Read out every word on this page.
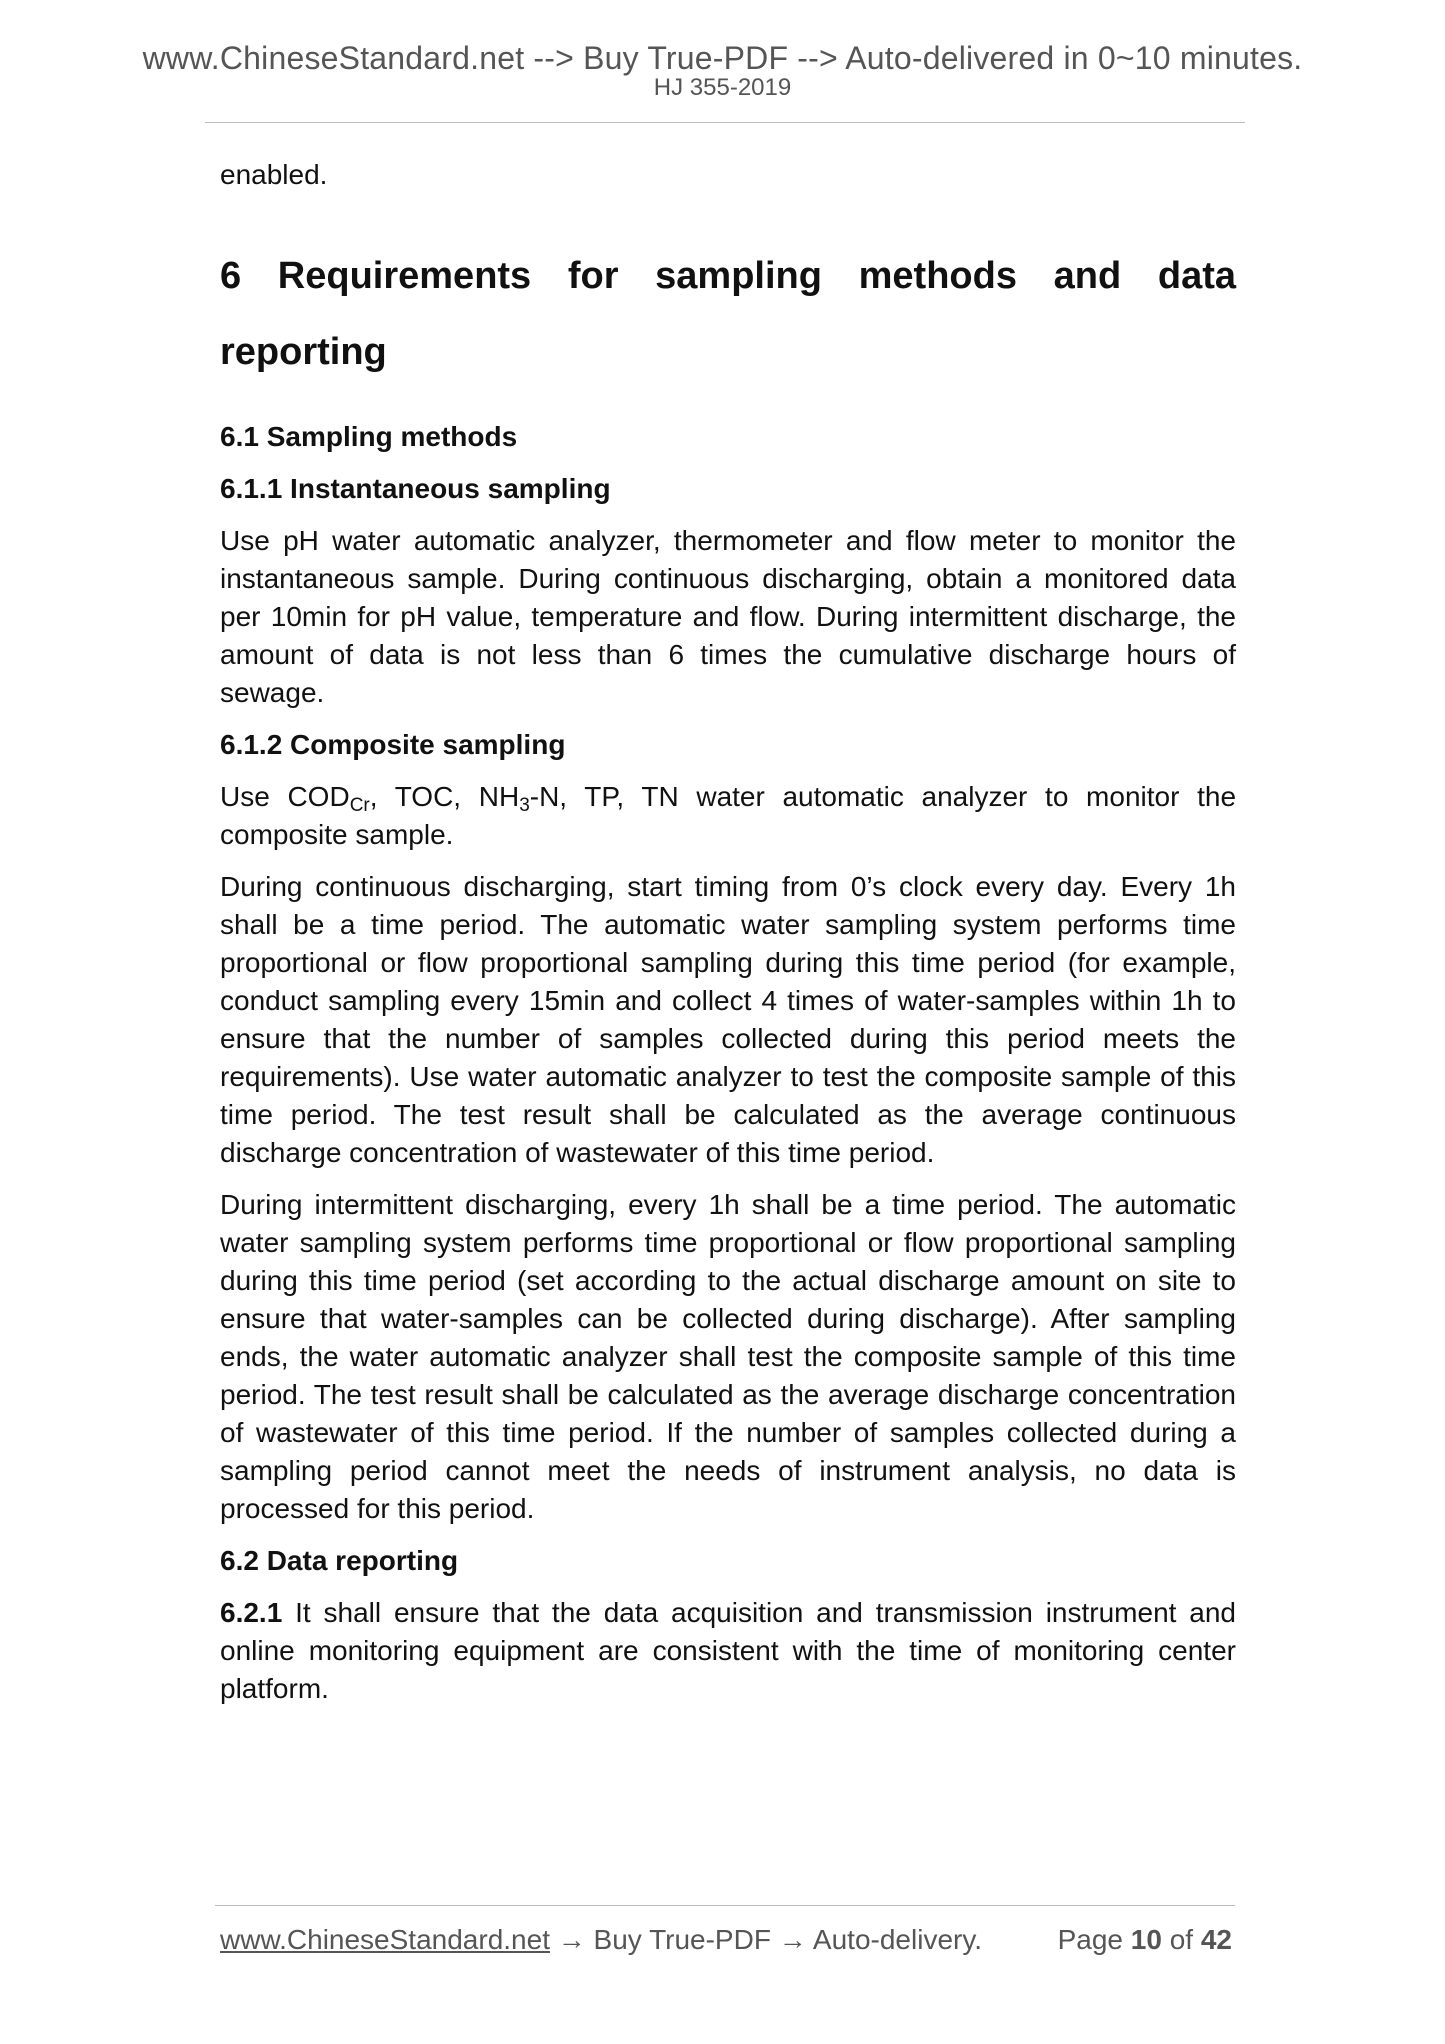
www.ChineseStandard.net --> Buy True-PDF --> Auto-delivered in 0~10 minutes.
HJ 355-2019

enabled.

6 Requirements for sampling methods and data

reporting

6.1 Sampling methods

6.1.1 Instantaneous sampling

Use pH water automatic analyzer, thermometer and flow meter to monitor the instantaneous sample. During continuous discharging, obtain a monitored data per 10min for pH value, temperature and flow. During intermittent discharge, the amount of data is not less than 6 times the cumulative discharge hours of sewage.

6.1.2 Composite sampling

Use $COD_{Cr}$, TOC, $NH_3-N$, TP, TN water automatic analyzer to monitor the composite sample.

During continuous discharging, start timing from 0’s clock every day. Every 1h shall be a time period. The automatic water sampling system performs time proportional or flow proportional sampling during this time period (for example, conduct sampling every 15min and collect 4 times of water-samples within 1h to ensure that the number of samples collected during this period meets the requirements). Use water automatic analyzer to test the composite sample of this time period. The test result shall be calculated as the average continuous discharge concentration of wastewater of this time period.

During intermittent discharging, every 1h shall be a time period. The automatic water sampling system performs time proportional or flow proportional sampling during this time period (set according to the actual discharge amount on site to ensure that water-samples can be collected during discharge). After sampling ends, the water automatic analyzer shall test the composite sample of this time period. The test result shall be calculated as the average discharge concentration of wastewater of this time period. If the number of samples collected during a sampling period cannot meet the needs of instrument analysis, no data is processed for this period.

6.2 Data reporting

6.2.1 It shall ensure that the data acquisition and transmission instrument and online monitoring equipment are consistent with the time of monitoring center platform.

www.ChineseStandard.net → Buy True-PDF → Auto-delivery.	Page 10 of 42
